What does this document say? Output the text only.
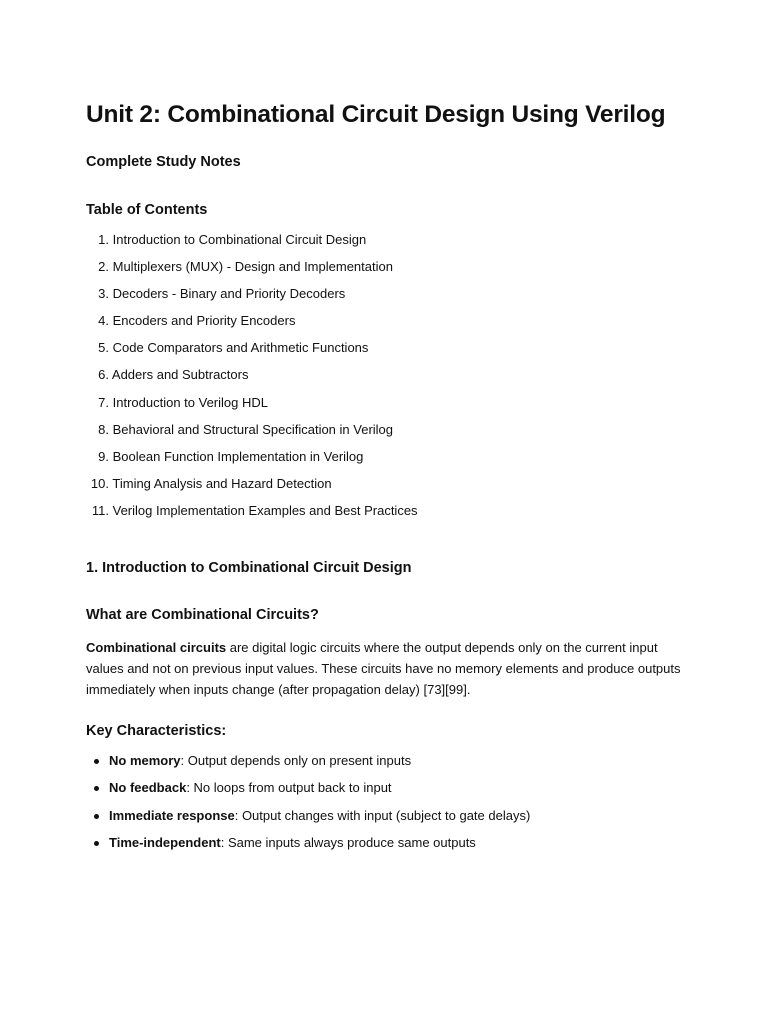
Unit 2: Combinational Circuit Design Using Verilog
Complete Study Notes
Table of Contents
1. Introduction to Combinational Circuit Design
2. Multiplexers (MUX) - Design and Implementation
3. Decoders - Binary and Priority Decoders
4. Encoders and Priority Encoders
5. Code Comparators and Arithmetic Functions
6. Adders and Subtractors
7. Introduction to Verilog HDL
8. Behavioral and Structural Specification in Verilog
9. Boolean Function Implementation in Verilog
10. Timing Analysis and Hazard Detection
11. Verilog Implementation Examples and Best Practices
1. Introduction to Combinational Circuit Design
What are Combinational Circuits?

Combinational circuits are digital logic circuits where the output depends only on the current input values and not on previous input values. These circuits have no memory elements and produce outputs immediately when inputs change (after propagation delay) [73][99].

Key Characteristics:
No memory: Output depends only on present inputs
No feedback: No loops from output back to input
Immediate response: Output changes with input (subject to gate delays)
Time-independent: Same inputs always produce same outputs
